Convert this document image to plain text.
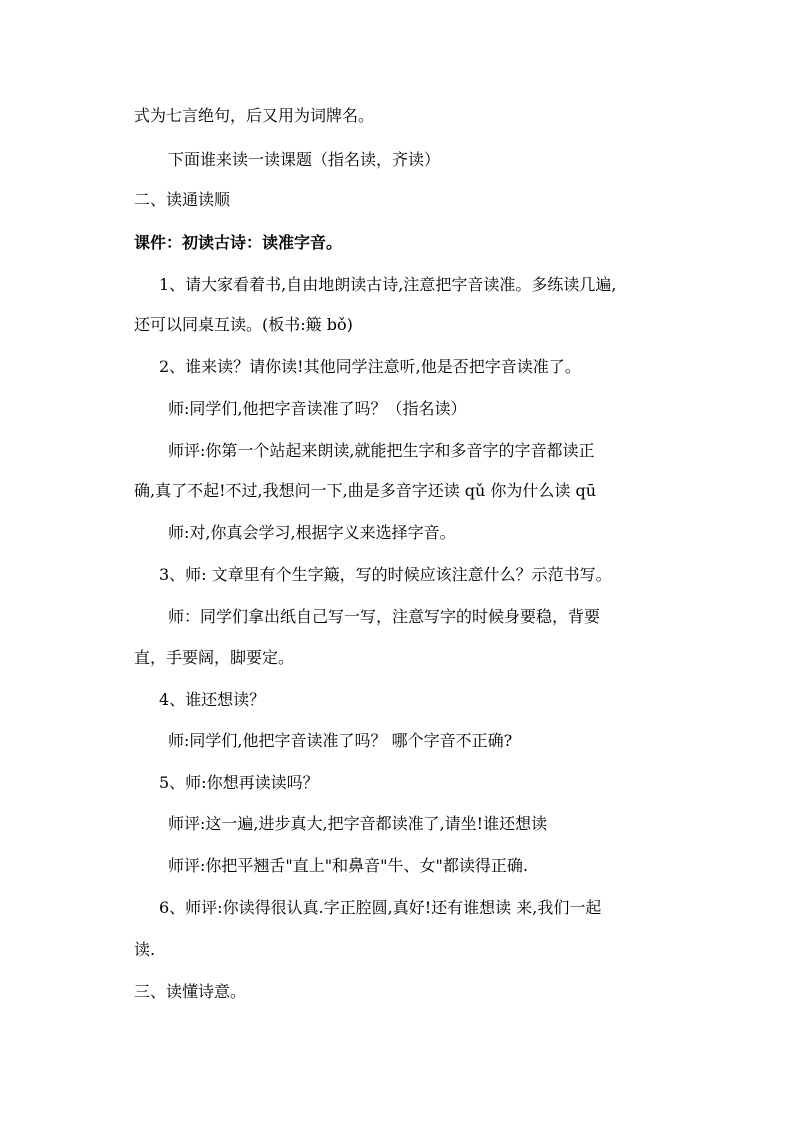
式为七言绝句，后又用为词牌名。
下面谁来读一读课题（指名读，齐读）
二、读通读顺
课件：初读古诗：读准字音。
1、请大家看着书,自由地朗读古诗,注意把字音读准。多练读几遍,
还可以同桌互读。(板书:簸 bǒ)
2、谁来读？请你读!其他同学注意听,他是否把字音读准了。
师:同学们,他把字音读准了吗？（指名读）
师评:你第一个站起来朗读,就能把生字和多音字的字音都读正
确,真了不起!不过,我想问一下,曲是多音字还读 qǔ 你为什么读 qū
师:对,你真会学习,根据字义来选择字音。
3、师: 文章里有个生字簸，写的时候应该注意什么？示范书写。
师：同学们拿出纸自己写一写，注意写字的时候身要稳，背要
直，手要阔，脚要定。
4、谁还想读？
师:同学们,他把字音读准了吗？ 哪个字音不正确?
5、师:你想再读读吗？
师评:这一遍,进步真大,把字音都读准了,请坐!谁还想读
师评:你把平翘舌"直上"和鼻音"牛、女"都读得正确.
6、师评:你读得很认真.字正腔圆,真好!还有谁想读 来,我们一起
读.
三、读懂诗意。
